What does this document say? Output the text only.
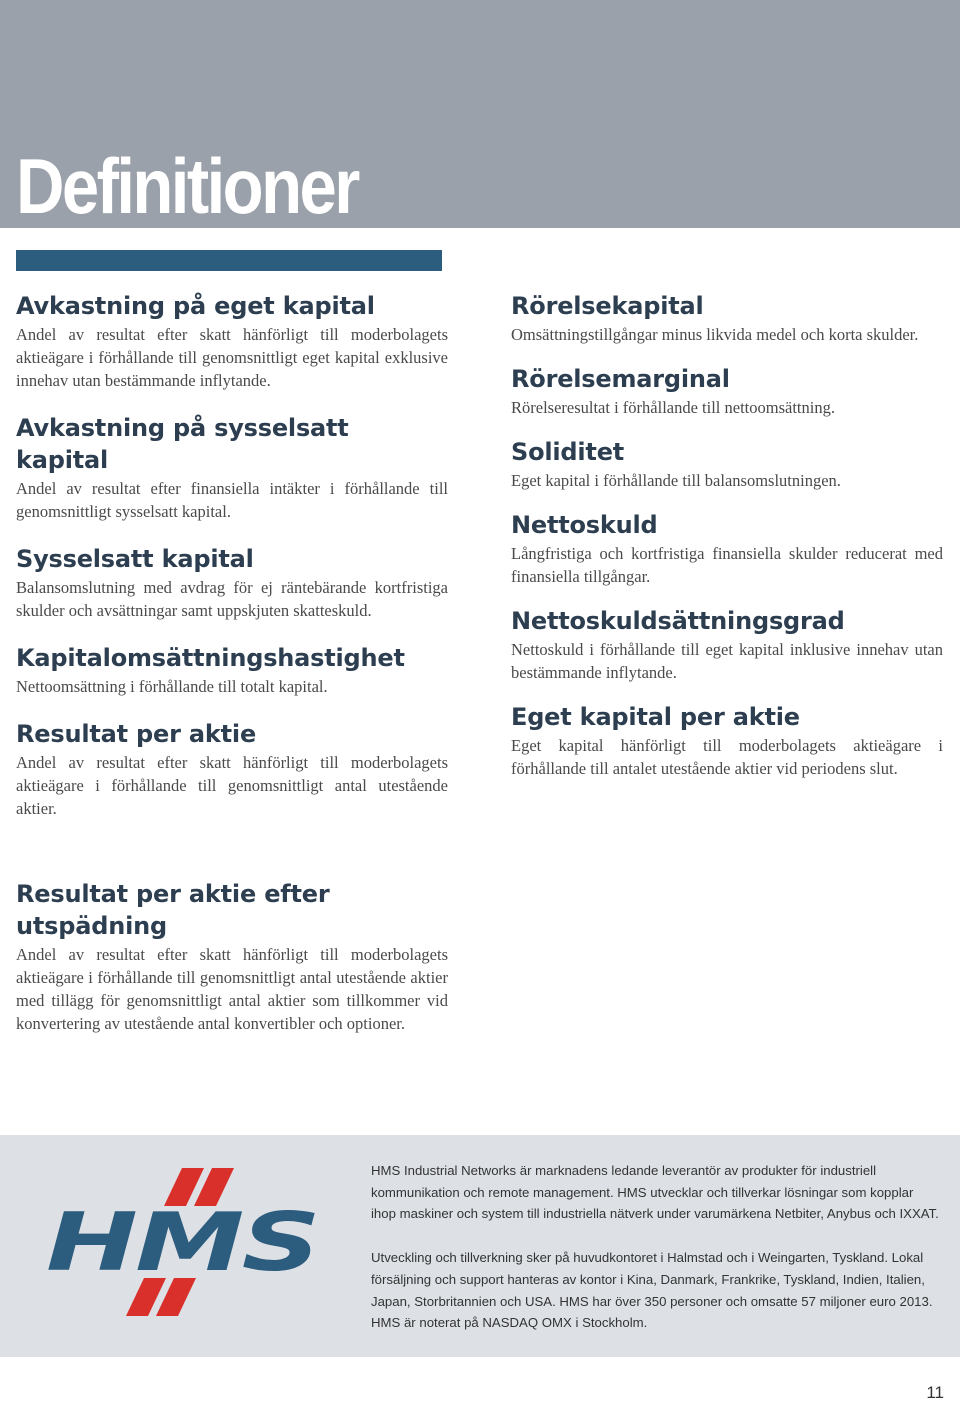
Definitioner
Avkastning på eget kapital

Andel av resultat efter skatt hänförligt till moderbolagets aktieägare i förhållande till genomsnittligt eget kapital exklusive innehav utan bestämmande inflytande.

Avkastning på sysselsatt kapital

Andel av resultat efter finansiella intäkter i förhållande till genomsnittligt sysselsatt kapital.

Sysselsatt kapital

Balansomslutning med avdrag för ej räntebärande kortfristiga skulder och avsättningar samt uppskjuten skatteskuld.

Kapitalomsättningshastighet

Nettoomsättning i förhållande till totalt kapital.

Resultat per aktie

Andel av resultat efter skatt hänförligt till moderbolagets aktieägare i förhållande till genomsnittligt antal utestående aktier.

Resultat per aktie efter utspädning

Andel av resultat efter skatt hänförligt till moderbolagets aktieägare i förhållande till genomsnittligt antal utestående aktier med tillägg för genomsnittligt antal aktier som tillkommer vid konvertering av utestående antal konvertibler och optioner.

Rörelsekapital

Omsättningstillgångar minus likvida medel och korta skulder.

Rörelsemarginal

Rörelseresultat i förhållande till nettoomsättning.

Soliditet

Eget kapital i förhållande till balansomslutningen.

Nettoskuld

Långfristiga och kortfristiga finansiella skulder reducerat med finansiella tillgångar.

Nettoskuldsättningsgrad

Nettoskuld i förhållande till eget kapital inklusive innehav utan bestämmande inflytande.

Eget kapital per aktie

Eget kapital hänförligt till moderbolagets aktieägare i förhållande till antalet utestående aktier vid periodens slut.

HMS

HMS Industrial Networks är marknadens ledande leverantör av produkter för industriell kommunikation och remote management. HMS utvecklar och tillverkar lösningar som kopplar ihop maskiner och system till industriella nätverk under varumärkena Netbiter, Anybus och IXXAT.

Utveckling och tillverkning sker på huvudkontoret i Halmstad och i Weingarten, Tyskland. Lokal försäljning och support hanteras av kontor i Kina, Danmark, Frankrike, Tyskland, Indien, Italien, Japan, Storbritannien och USA. HMS har över 350 personer och omsatte 57 miljoner euro 2013. HMS är noterat på NASDAQ OMX i Stockholm.

11
